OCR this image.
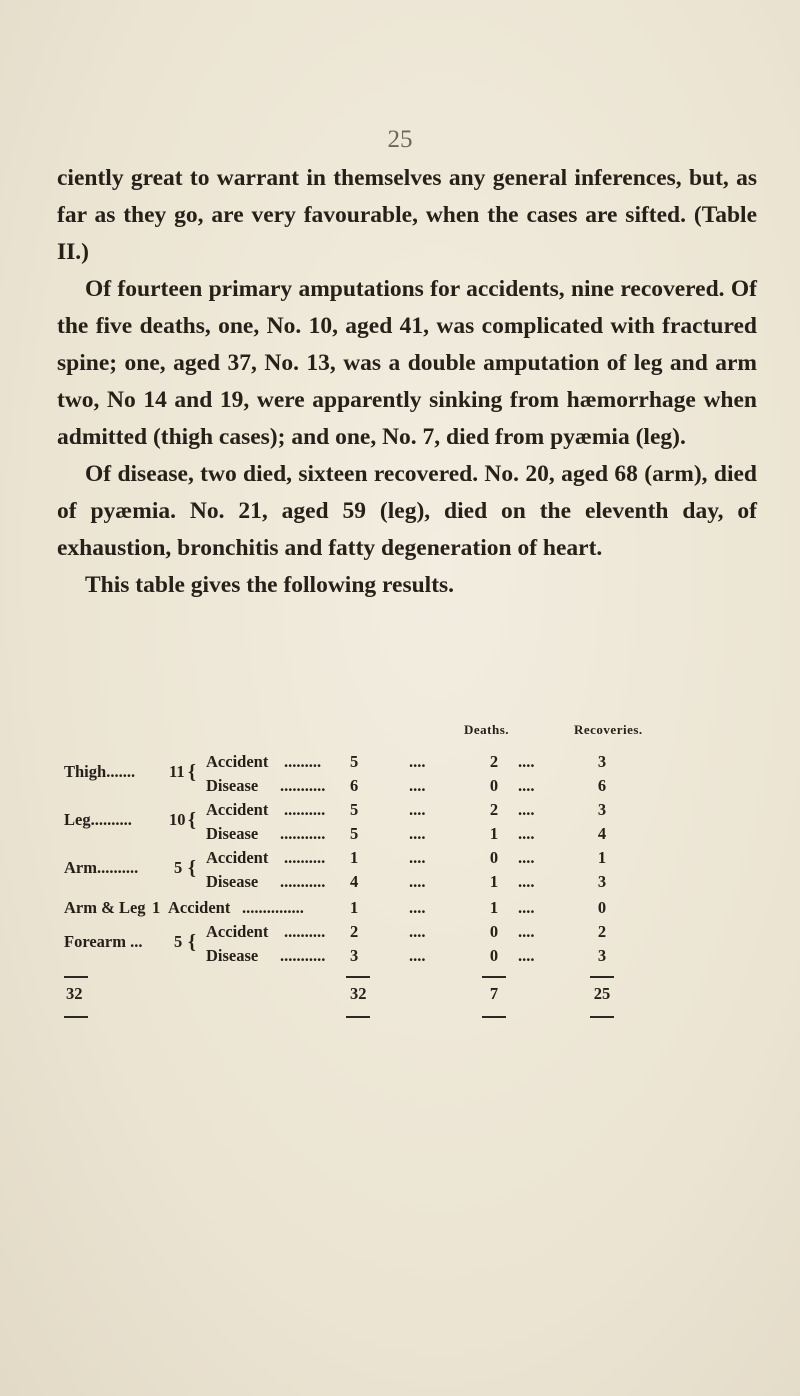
25

ciently great to warrant in themselves any general inferences, but, as far as they go, are very favourable, when the cases are sifted. (Table II.)

Of fourteen primary amputations for accidents, nine recovered. Of the five deaths, one, No. 10, aged 41, was complicated with fractured spine; one, aged 37, No. 13, was a double amputation of leg and arm two, No 14 and 19, were apparently sinking from hæmorrhage when admitted (thigh cases); and one, No. 7, died from pyæmia (leg).

Of disease, two died, sixteen recovered. No. 20, aged 68 (arm), died of pyæmia. No. 21, aged 59 (leg), died on the eleventh day, of exhaustion, bronchitis and fatty degeneration of heart.

This table gives the following results.

Deaths.	Recoveries.
Thigh....... 11 { Accident ......... 5	....	2	....	3
Disease ........... 6	....	0	....	6
Leg.......... 10 { Accident .......... 5	....	2	....	3
Disease ........... 5	....	1	....	4
Arm.......... 5 { Accident .......... 1	....	0	....	1
Disease ........... 4	....	1	....	3
Arm & Leg 1 Accident ...............	1	....	1	....	0
Forearm ... 5 { Accident .......... 2	....	0	....	2
Disease ........... 3	....	0	....	3
32	32	7	25
